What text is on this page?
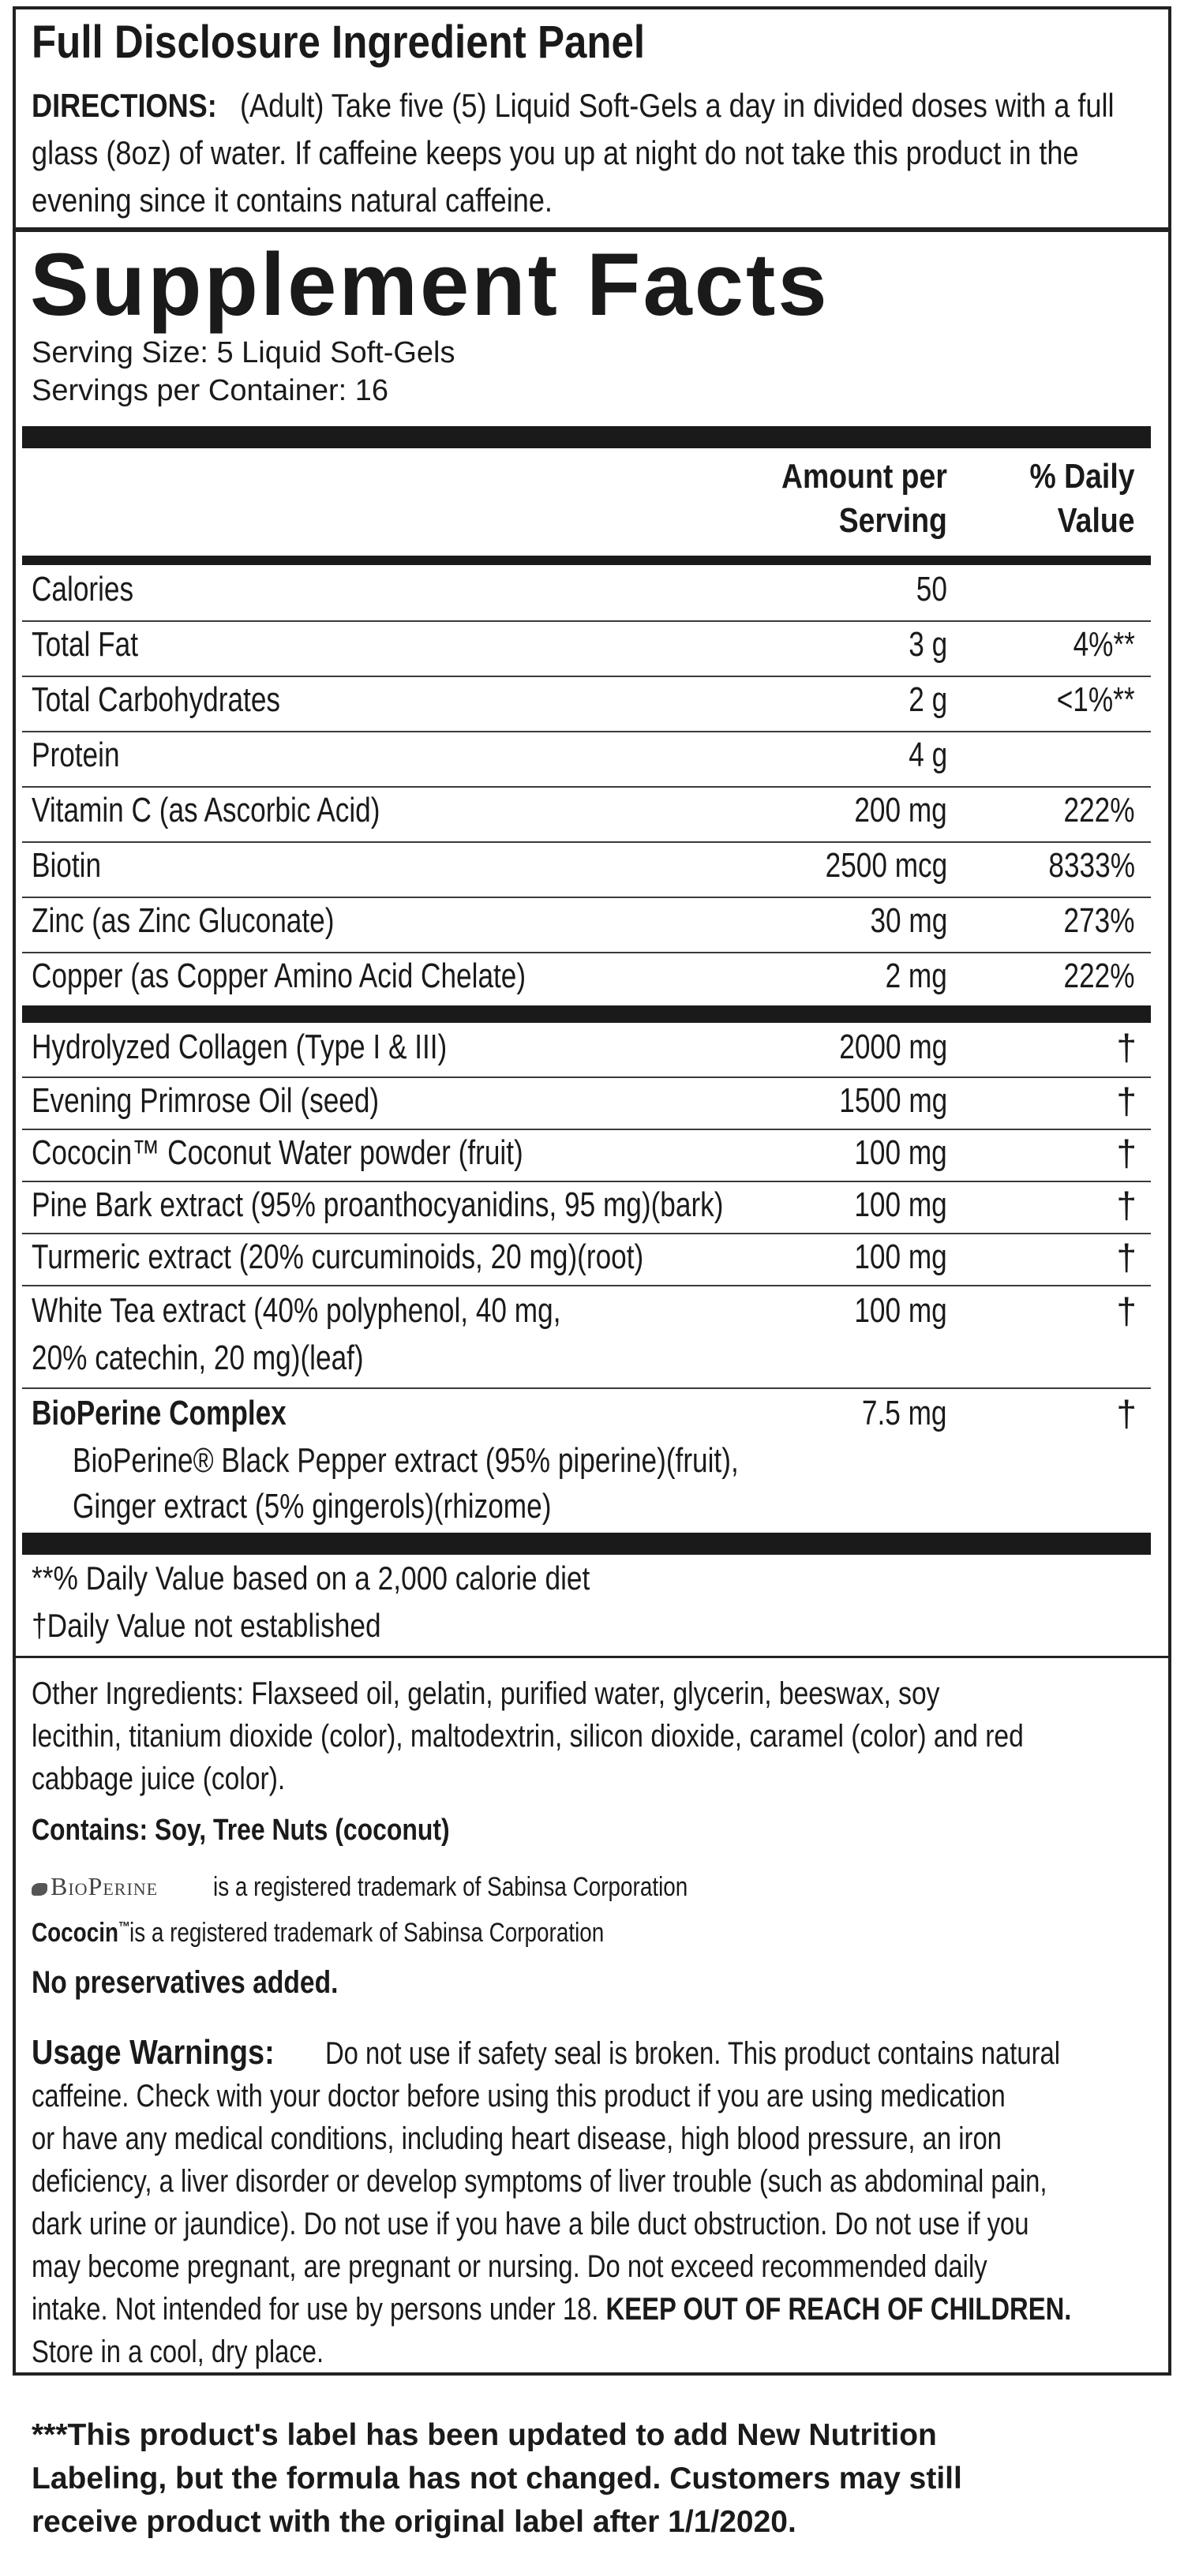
Full Disclosure Ingredient Panel
DIRECTIONS: (Adult) Take five (5) Liquid Soft-Gels a day in divided doses with a full
glass (8oz) of water. If caffeine keeps you up at night do not take this product in the
evening since it contains natural caffeine.
Supplement Facts
Serving Size: 5 Liquid Soft-Gels
Servings per Container: 16
Amount per
Serving
% Daily
Value
Calories	50
Total Fat	3 g	4%**
Total Carbohydrates	2 g	<1%**
Protein	4 g
Vitamin C (as Ascorbic Acid)	200 mg	222%
Biotin	2500 mcg	8333%
Zinc (as Zinc Gluconate)	30 mg	273%
Copper (as Copper Amino Acid Chelate)	2 mg	222%
Hydrolyzed Collagen (Type I & III)	2000 mg	†
Evening Primrose Oil (seed)	1500 mg	†
Cococin™ Coconut Water powder (fruit)	100 mg	†
Pine Bark extract (95% proanthocyanidins, 95 mg)(bark)	100 mg	†
Turmeric extract (20% curcuminoids, 20 mg)(root)	100 mg	†
White Tea extract (40% polyphenol, 40 mg,
20% catechin, 20 mg)(leaf)
100 mg	†
BioPerine Complex
BioPerine® Black Pepper extract (95% piperine)(fruit),
Ginger extract (5% gingerols)(rhizome)
7.5 mg	†
**% Daily Value based on a 2,000 calorie diet
†Daily Value not established
Other Ingredients: Flaxseed oil, gelatin, purified water, glycerin, beeswax, soy
lecithin, titanium dioxide (color), maltodextrin, silicon dioxide, caramel (color) and red
cabbage juice (color).
Contains: Soy, Tree Nuts (coconut)
BioPerine is a registered trademark of Sabinsa Corporation
Cococin™ is a registered trademark of Sabinsa Corporation
No preservatives added.
Usage Warnings: Do not use if safety seal is broken. This product contains natural
caffeine. Check with your doctor before using this product if you are using medication
or have any medical conditions, including heart disease, high blood pressure, an iron
deficiency, a liver disorder or develop symptoms of liver trouble (such as abdominal pain,
dark urine or jaundice). Do not use if you have a bile duct obstruction. Do not use if you
may become pregnant, are pregnant or nursing. Do not exceed recommended daily
intake. Not intended for use by persons under 18. KEEP OUT OF REACH OF CHILDREN.
Store in a cool, dry place.
***This product's label has been updated to add New Nutrition Labeling, but the formula has not changed. Customers may still receive product with the original label after 1/1/2020.
